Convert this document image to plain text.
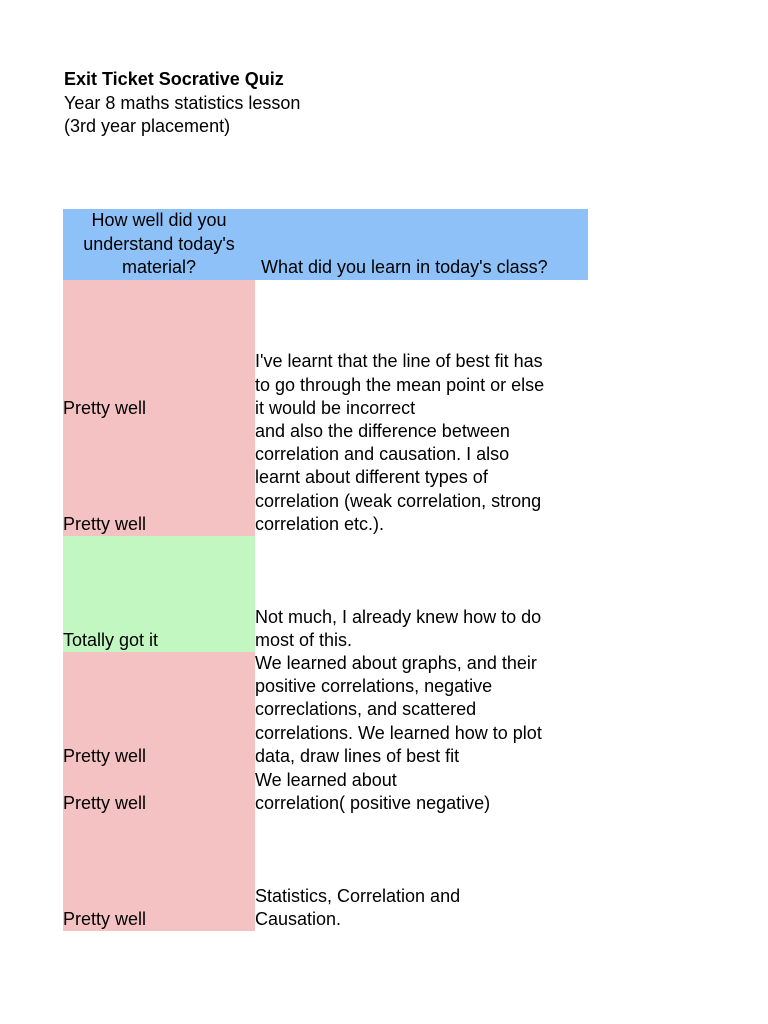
Exit Ticket Socrative Quiz
Year 8 maths statistics lesson
(3rd year placement)
How well did you understand today's material?	What did you learn in today's class?
Pretty well	I've learnt that the line of best fit has
to go through the mean point or else
it would be incorrect

Pretty well	and also the difference between
correlation and causation. I also
learnt about different types of
correlation (weak correlation, strong
correlation etc.).

Totally got it	Not much, I already knew how to do
most of this.

Pretty well	We learned about graphs, and their
positive correlations, negative
correclations, and scattered
correlations. We learned how to plot
data, draw lines of best fit

Pretty well	We learned about
correlation( positive negative)

Pretty well	Statistics, Correlation and
Causation.
